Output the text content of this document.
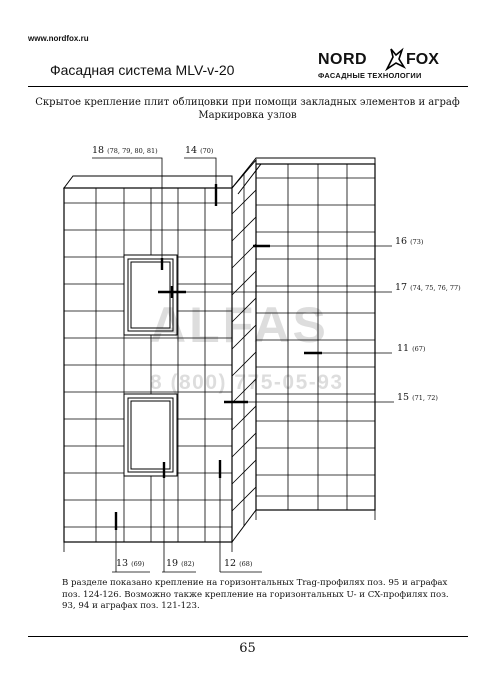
www.nordfox.ru
Фасадная система MLV-v-20
NORD FOX
ФАСАДНЫЕ ТЕХНОЛОГИИ
Скрытое крепление плит облицовки при помощи закладных элементов и аграф
Маркировка узлов
18 (78, 79, 80, 81)	14 (70)
16 (73)
17 (74, 75, 76, 77)
11 (67)
15 (71, 72)
13 (69) 19 (82)	12 (68)
ALFAS
8 (800) 775-05-93
В разделе показано крепление на горизонтальных Trag-профилях поз. 95 и аграфах поз. 124-126. Возможно также крепление на горизонтальных U- и CX-профилях поз. 93, 94 и аграфах поз. 121-123.
65
